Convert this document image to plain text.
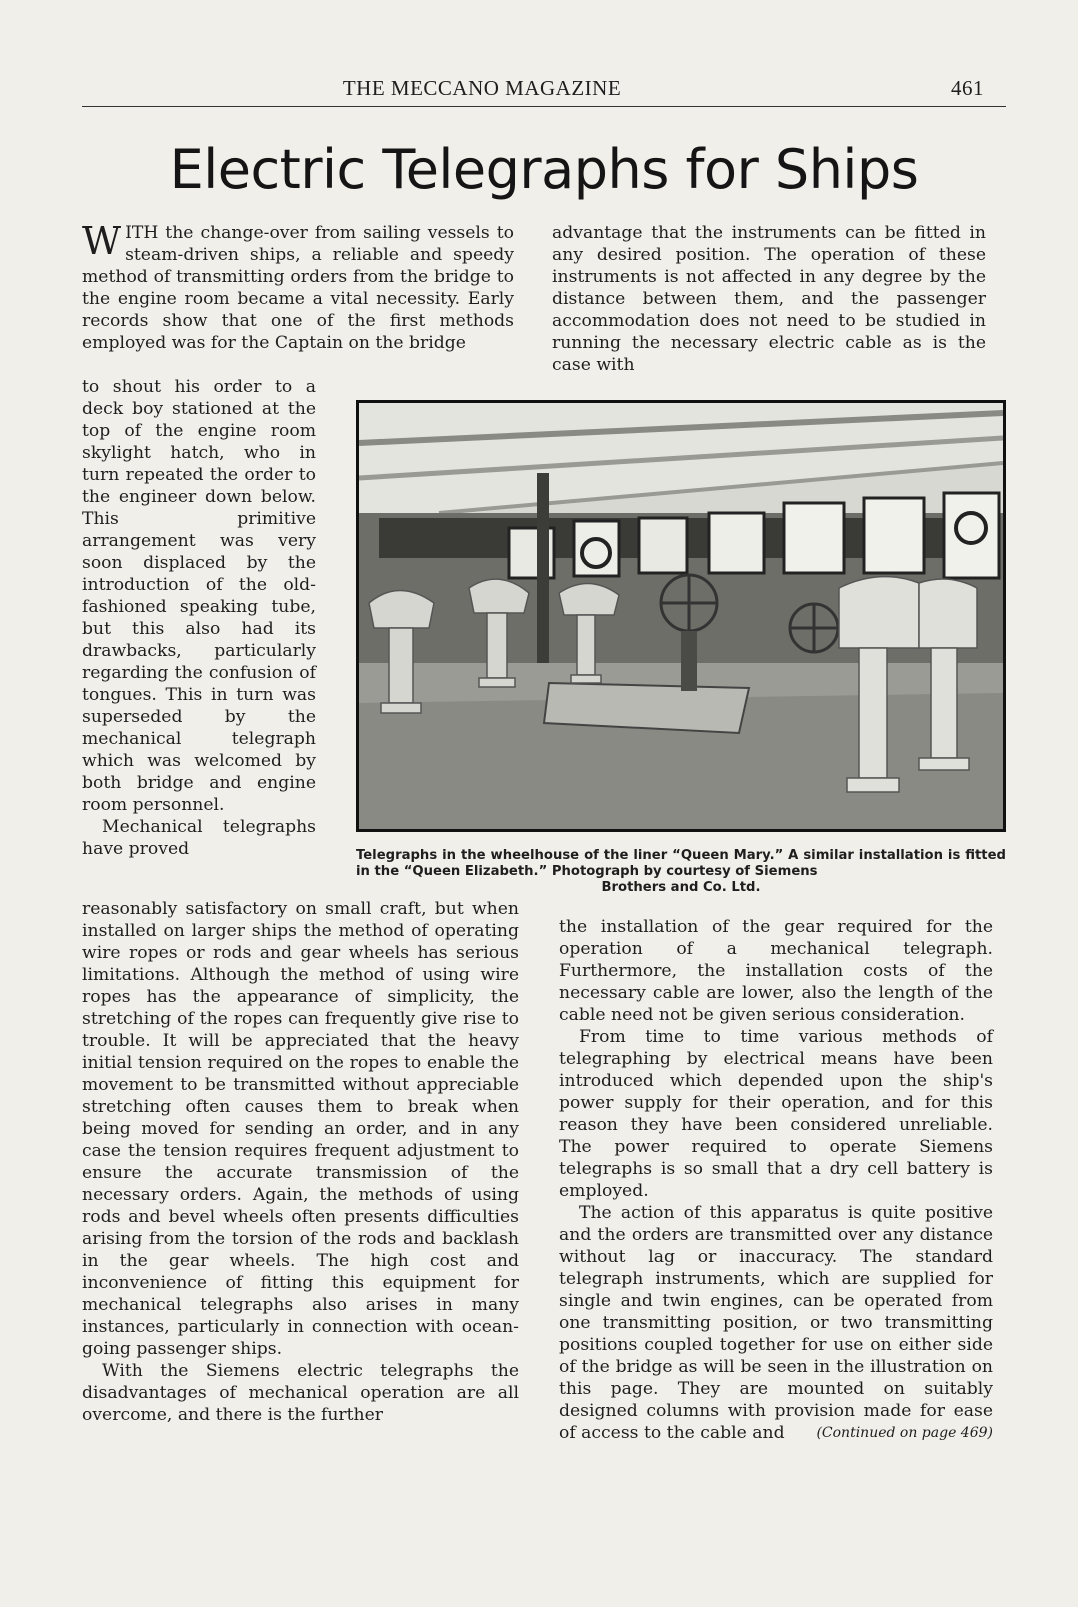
THE MECCANO MAGAZINE	461
Electric Telegraphs for Ships

WITH the change-over from sailing vessels to steam-driven ships, a reliable and speedy method of transmitting orders from the bridge to the engine room became a vital necessity. Early records show that one of the first methods employed was for the Captain on the bridge

to shout his order to a deck boy stationed at the top of the engine room skylight hatch, who in turn repeated the order to the engineer down below. This primitive arrangement was very soon displaced by the introduction of the old-fashioned speaking tube, but this also had its drawbacks, particularly regarding the confusion of tongues. This in turn was superseded by the mechanical telegraph which was welcomed by both bridge and engine room personnel.

Mechanical telegraphs have proved

reasonably satisfactory on small craft, but when installed on larger ships the method of operating wire ropes or rods and gear wheels has serious limitations. Although the method of using wire ropes has the appearance of simplicity, the stretching of the ropes can frequently give rise to trouble. It will be appreciated that the heavy initial tension required on the ropes to enable the movement to be transmitted without appreciable stretching often causes them to break when being moved for sending an order, and in any case the tension requires frequent adjustment to ensure the accurate transmission of the necessary orders. Again, the methods of using rods and bevel wheels often presents difficulties arising from the torsion of the rods and backlash in the gear wheels. The high cost and inconvenience of fitting this equipment for mechanical telegraphs also arises in many instances, particularly in connection with ocean-going passenger ships.

With the Siemens electric telegraphs the disadvantages of mechanical operation are all overcome, and there is the further

advantage that the instruments can be fitted in any desired position. The operation of these instruments is not affected in any degree by the distance between them, and the passenger accommodation does not need to be studied in running the necessary electric cable as is the case with

Telegraphs in the wheelhouse of the liner “Queen Mary.” A similar installation is fitted in the “Queen Elizabeth.” Photograph by courtesy of Siemens
Brothers and Co. Ltd.

the installation of the gear required for the operation of a mechanical telegraph. Furthermore, the installation costs of the necessary cable are lower, also the length of the cable need not be given serious consideration.

From time to time various methods of telegraphing by electrical means have been introduced which depended upon the ship's power supply for their operation, and for this reason they have been considered unreliable. The power required to operate Siemens telegraphs is so small that a dry cell battery is employed.

The action of this apparatus is quite positive and the orders are transmitted over any distance without lag or inaccuracy. The standard telegraph instruments, which are supplied for single and twin engines, can be operated from one transmitting position, or two transmitting positions coupled together for use on either side of the bridge as will be seen in the illustration on this page. They are mounted on suitably designed columns with provision made for ease of access to the cable and	(Continued on page 469)
